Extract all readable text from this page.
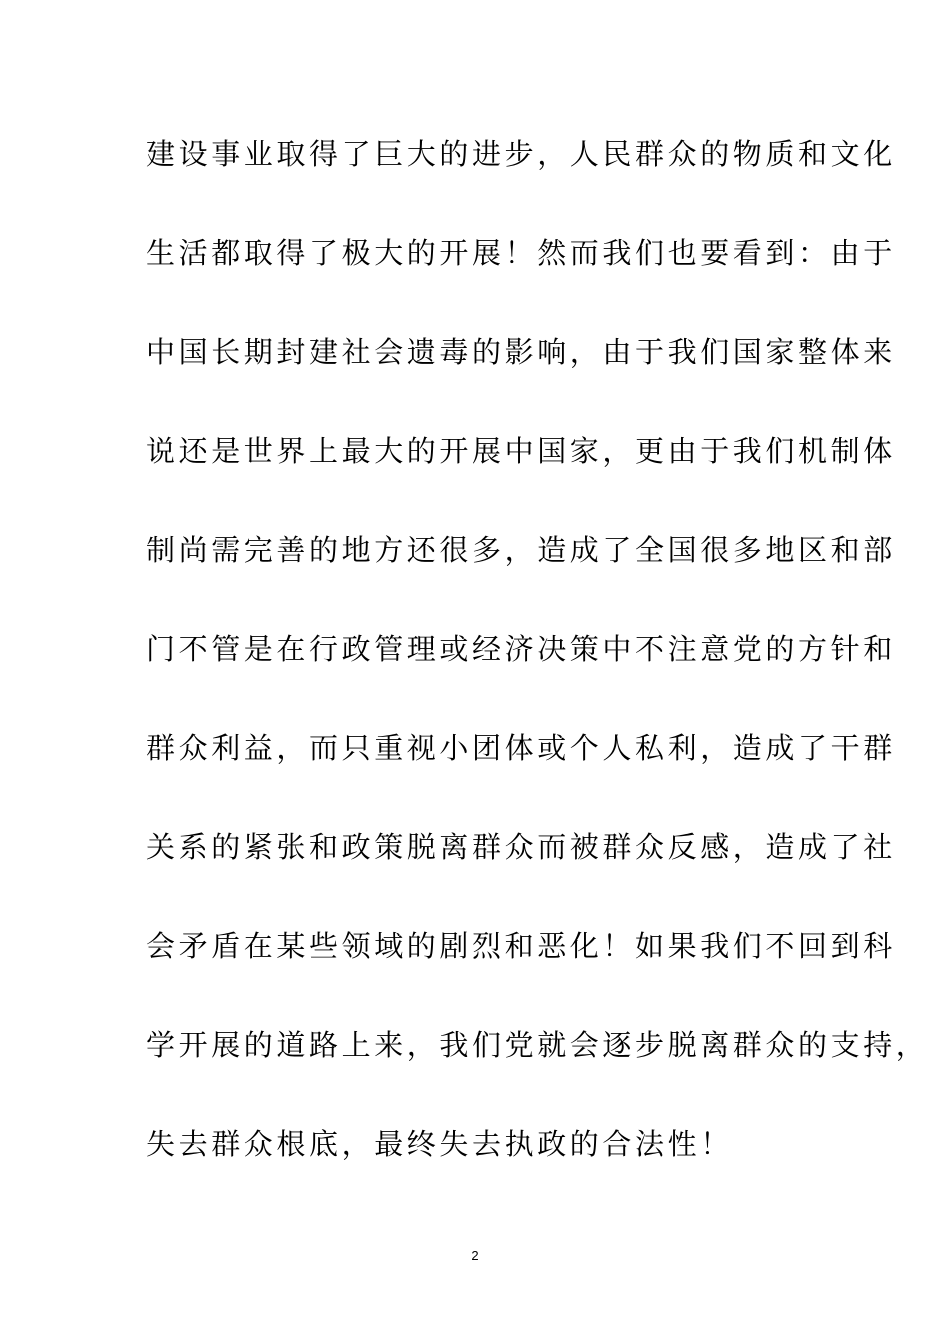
建设事业取得了巨大的进步，人民群众的物质和文化
生活都取得了极大的开展！然而我们也要看到：由于
中国长期封建社会遗毒的影响，由于我们国家整体来
说还是世界上最大的开展中国家，更由于我们机制体
制尚需完善的地方还很多，造成了全国很多地区和部
门不管是在行政管理或经济决策中不注意党的方针和
群众利益，而只重视小团体或个人私利，造成了干群
关系的紧张和政策脱离群众而被群众反感，造成了社
会矛盾在某些领域的剧烈和恶化！如果我们不回到科
学开展的道路上来，我们党就会逐步脱离群众的支持，
失去群众根底，最终失去执政的合法性！
2
